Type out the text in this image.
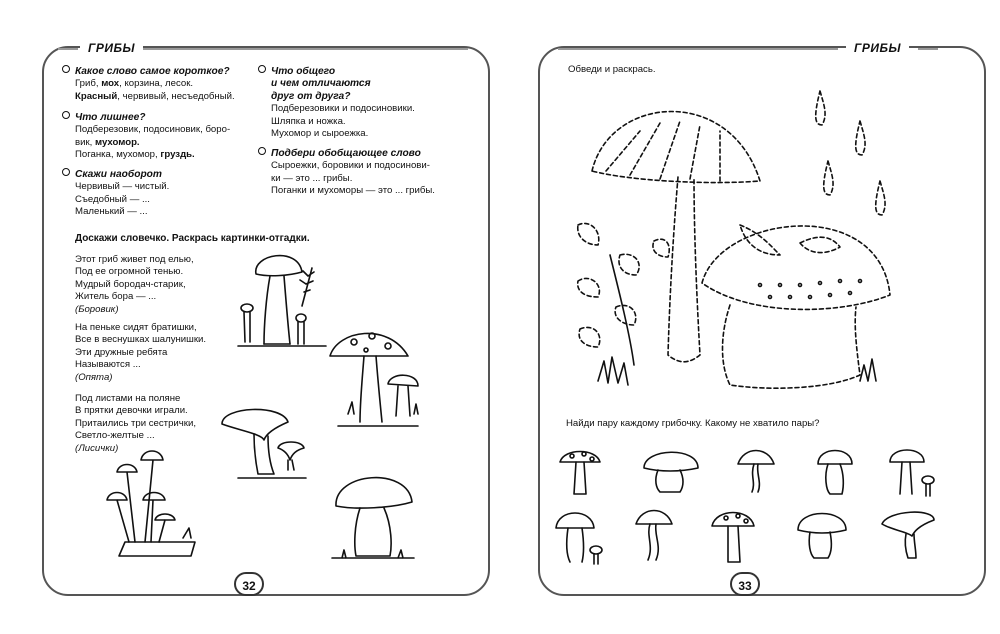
ГРИБЫ
Какое слово самое короткое?
Гриб, мох, корзина, лесок.
Красный, червивый, несъедобный.
Что лишнее?
Подберезовик, подосиновик, боро-
вик, мухомор.
Поганка, мухомор, груздь.
Скажи наоборот
Червивый — чистый.
Съедобный — ...
Маленький — ...
Что общего
и чем отличаются
друг от друга?
Подберезовики и подосиновики.
Шляпка и ножка.
Мухомор и сыроежка.
Подбери обобщающее слово
Сыроежки, боровики и подосинови-
ки — это ... грибы.
Поганки и мухоморы — это ... грибы.
Доскажи словечко. Раскрась картинки-отгадки.
Этот гриб живет под елью,
Под ее огромной тенью.
Мудрый бородач-старик,
Житель бора — ...
(Боровик)
На пеньке сидят братишки,
Все в веснушках шалунишки.
Эти дружные ребята
Называются ...
(Опята)
Под листами на поляне
В прятки девочки играли.
Притаились три сестрички,
Светло-желтые ...
(Лисички)
32
ГРИБЫ
Обведи и раскрась.
Найди пару каждому грибочку. Какому не хватило пары?
33
